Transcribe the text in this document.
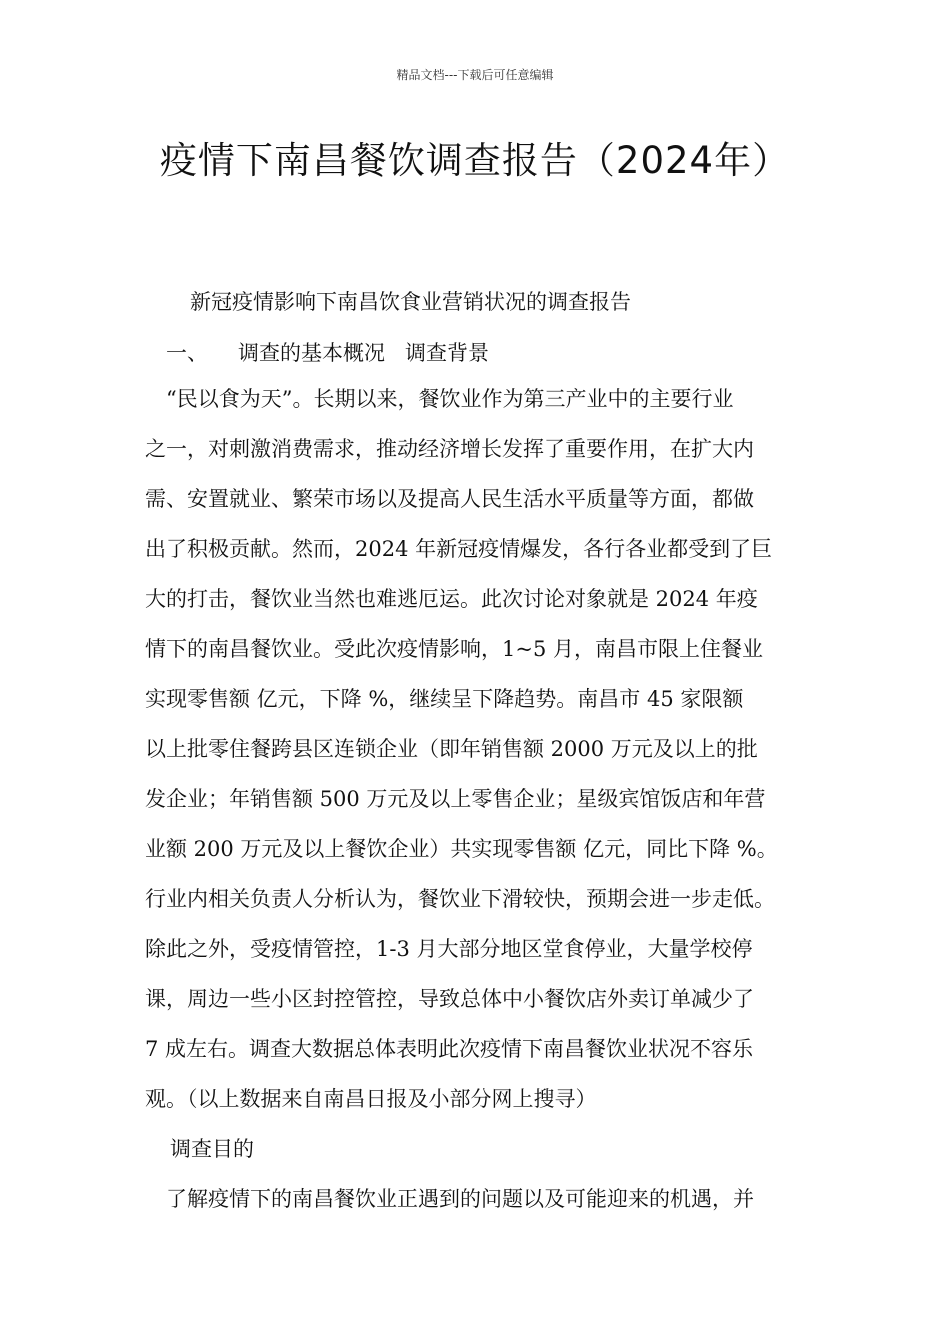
精品文档---下载后可任意编辑
疫情下南昌餐饮调查报告（2024年）
新冠疫情影响下南昌饮食业营销状况的调查报告
一、 调查的基本概况 调查背景
“民以食为天”。长期以来，餐饮业作为第三产业中的主要行业
之一，对刺激消费需求，推动经济增长发挥了重要作用，在扩大内
需、安置就业、繁荣市场以及提高人民生活水平质量等方面，都做
出了积极贡献。然而，2024 年新冠疫情爆发，各行各业都受到了巨
大的打击，餐饮业当然也难逃厄运。此次讨论对象就是 2024 年疫
情下的南昌餐饮业。受此次疫情影响，1~5 月，南昌市限上住餐业
实现零售额 亿元，下降 %，继续呈下降趋势。南昌市 45 家限额
以上批零住餐跨县区连锁企业（即年销售额 2000 万元及以上的批
发企业；年销售额 500 万元及以上零售企业；星级宾馆饭店和年营
业额 200 万元及以上餐饮企业）共实现零售额 亿元，同比下降 %。
行业内相关负责人分析认为，餐饮业下滑较快，预期会进一步走低。
除此之外，受疫情管控，1-3 月大部分地区堂食停业，大量学校停
课，周边一些小区封控管控，导致总体中小餐饮店外卖订单减少了
7 成左右。调查大数据总体表明此次疫情下南昌餐饮业状况不容乐
观。（以上数据来自南昌日报及小部分网上搜寻）
调查目的
了解疫情下的南昌餐饮业正遇到的问题以及可能迎来的机遇，并
